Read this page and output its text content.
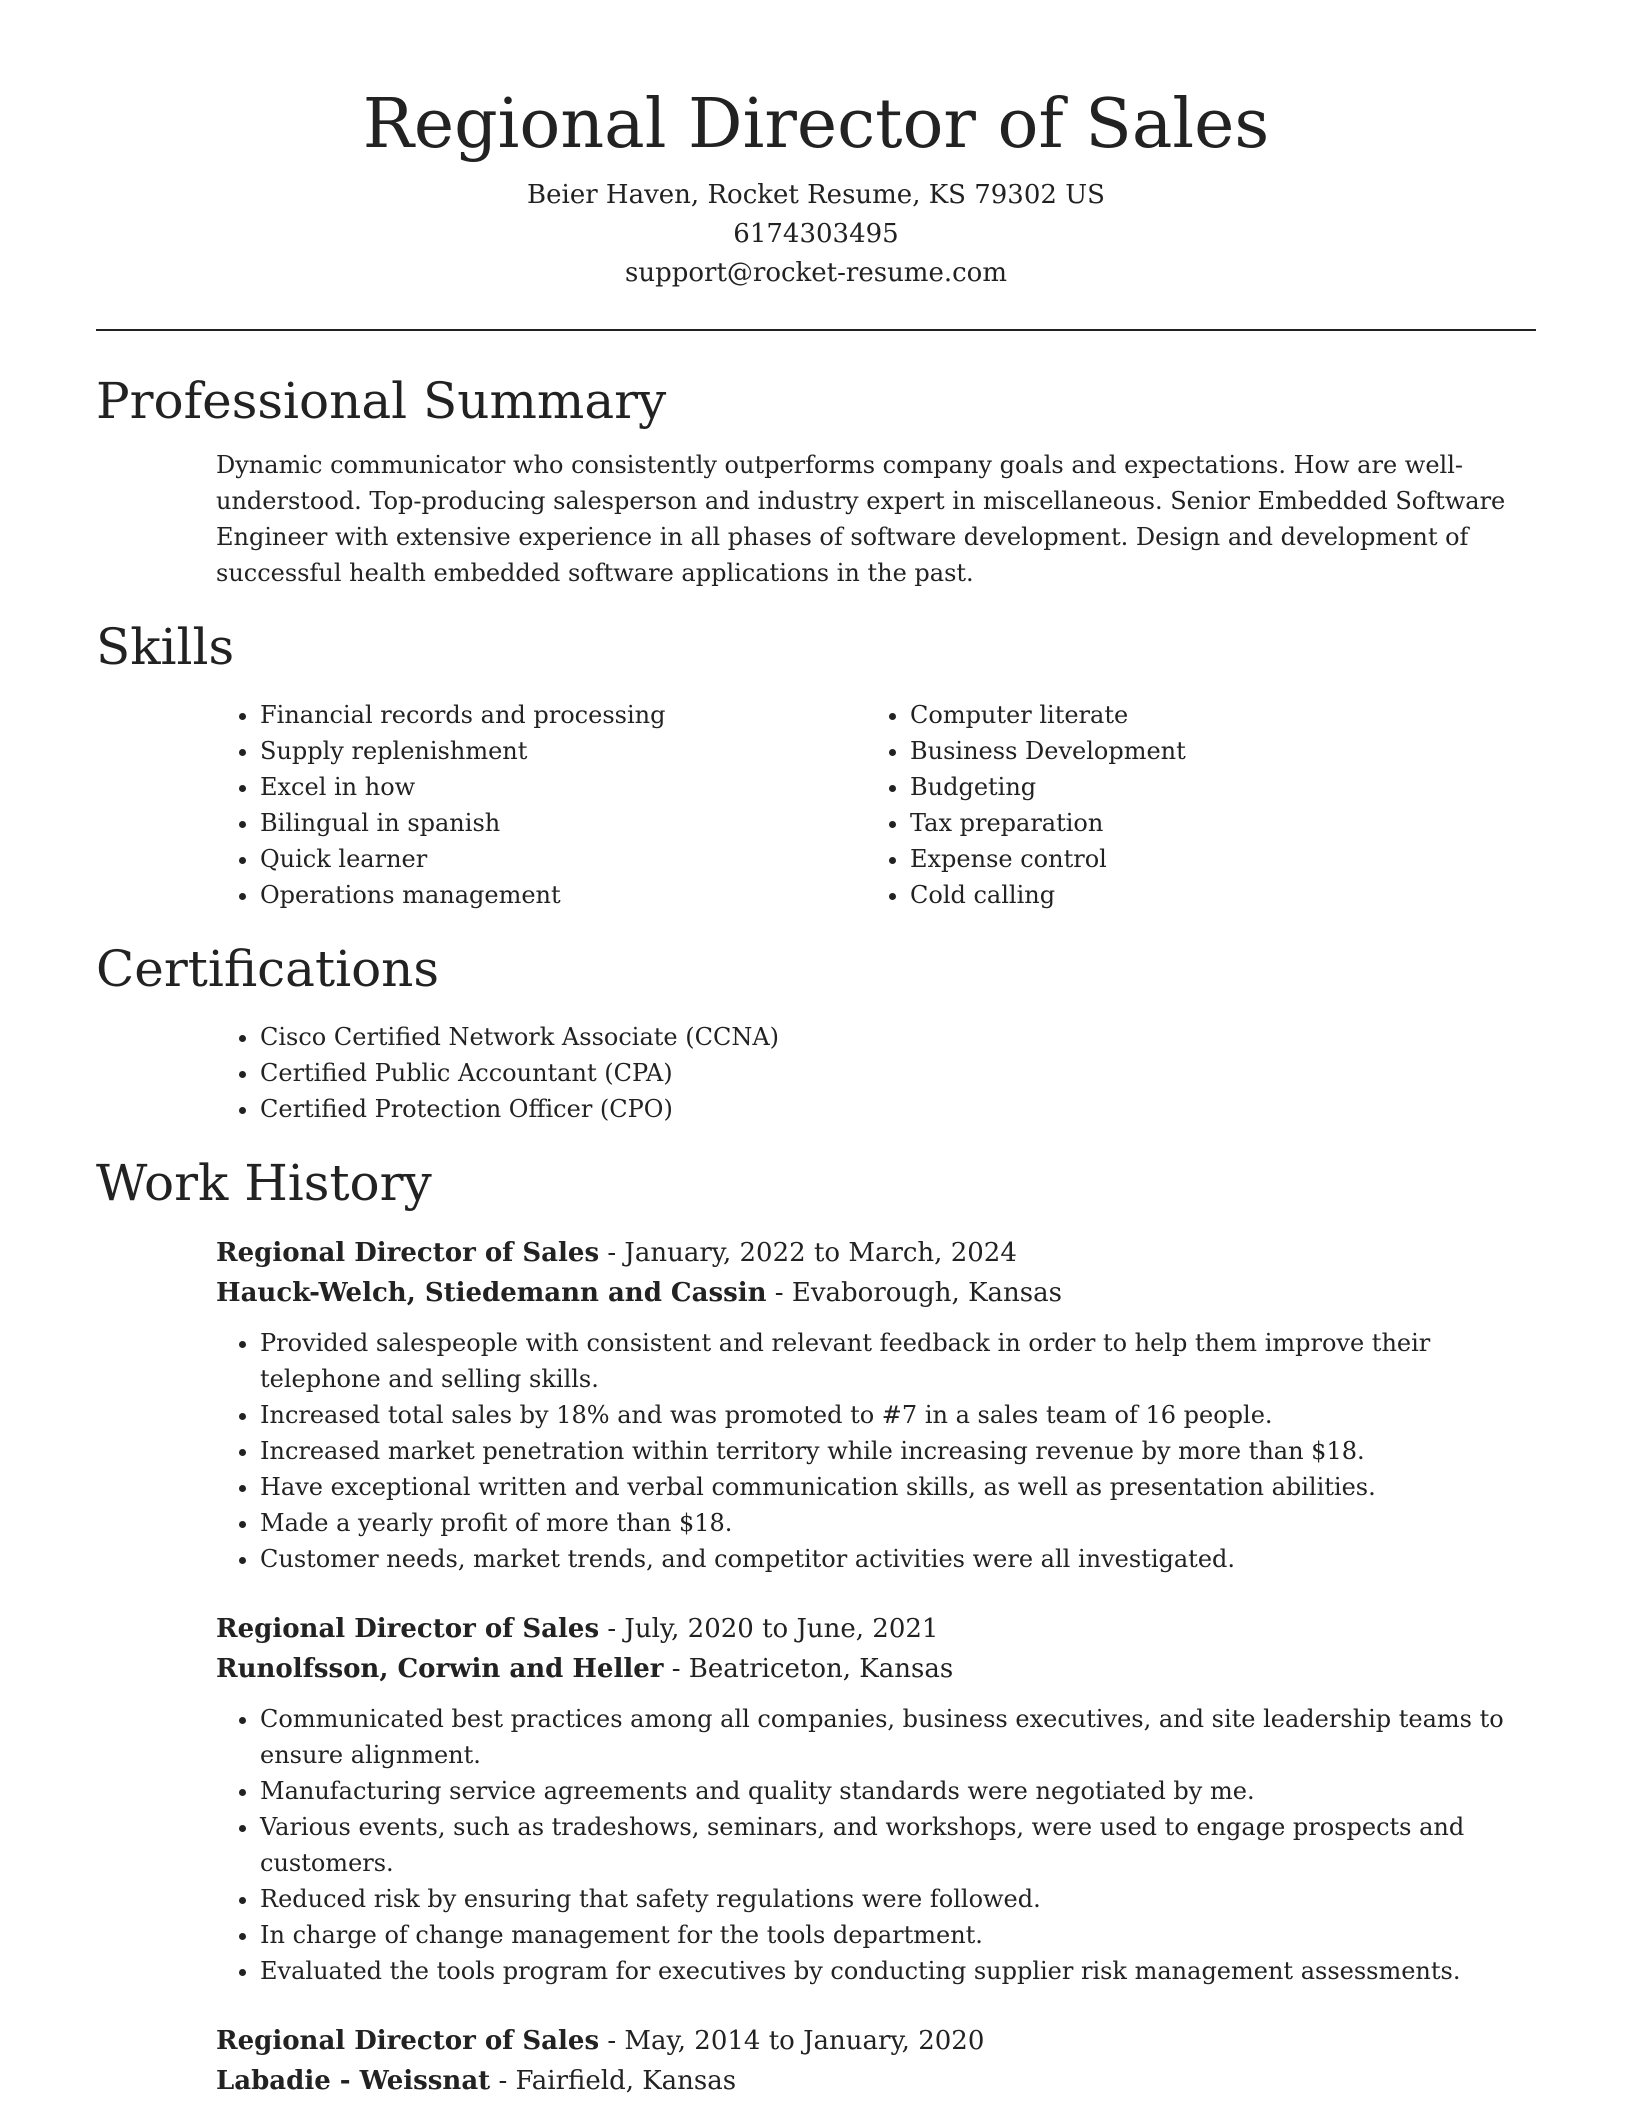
Regional Director of Sales
Beier Haven, Rocket Resume, KS 79302 US
6174303495
support@rocket-resume.com
Professional Summary
Dynamic communicator who consistently outperforms company goals and expectations. How are well-understood. Top-producing salesperson and industry expert in miscellaneous. Senior Embedded Software Engineer with extensive experience in all phases of software development. Design and development of successful health embedded software applications in the past.
Skills
• Financial records and processing
• Supply replenishment
• Excel in how
• Bilingual in spanish
• Quick learner
• Operations management
• Computer literate
• Business Development
• Budgeting
• Tax preparation
• Expense control
• Cold calling
Certifications
• Cisco Certified Network Associate (CCNA)
• Certified Public Accountant (CPA)
• Certified Protection Officer (CPO)
Work History
Regional Director of Sales - January, 2022 to March, 2024
Hauck-Welch, Stiedemann and Cassin - Evaborough, Kansas
• Provided salespeople with consistent and relevant feedback in order to help them improve their telephone and selling skills.
• Increased total sales by 18% and was promoted to #7 in a sales team of 16 people.
• Increased market penetration within territory while increasing revenue by more than $18.
• Have exceptional written and verbal communication skills, as well as presentation abilities.
• Made a yearly profit of more than $18.
• Customer needs, market trends, and competitor activities were all investigated.
Regional Director of Sales - July, 2020 to June, 2021
Runolfsson, Corwin and Heller - Beatriceton, Kansas
• Communicated best practices among all companies, business executives, and site leadership teams to ensure alignment.
• Manufacturing service agreements and quality standards were negotiated by me.
• Various events, such as tradeshows, seminars, and workshops, were used to engage prospects and customers.
• Reduced risk by ensuring that safety regulations were followed.
• In charge of change management for the tools department.
• Evaluated the tools program for executives by conducting supplier risk management assessments.
Regional Director of Sales - May, 2014 to January, 2020
Labadie - Weissnat - Fairfield, Kansas
